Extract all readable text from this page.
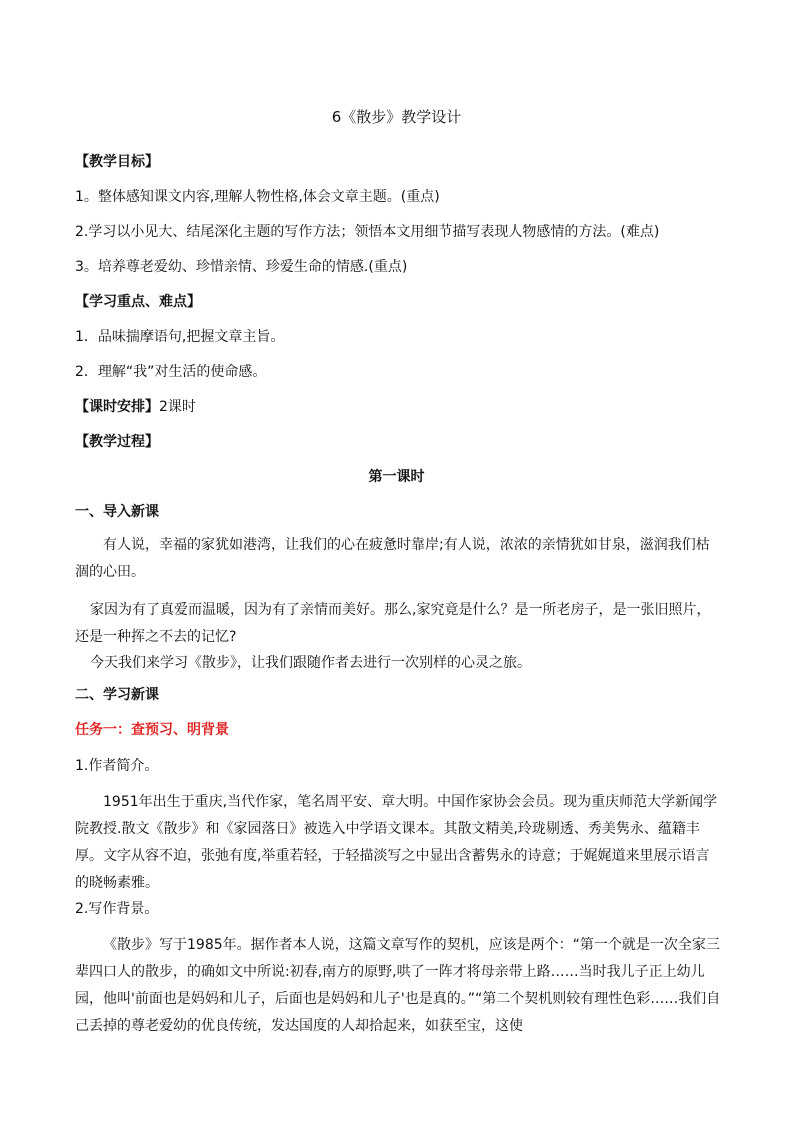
6《散步》教学设计
【教学目标】
1。整体感知课文内容,理解人物性格,体会文章主题。(重点)
2.学习以小见大、结尾深化主题的写作方法；领悟本文用细节描写表现人物感情的方法。(难点)
3。培养尊老爱幼、珍惜亲情、珍爱生命的情感.(重点)
【学习重点、难点】
1．品味揣摩语句,把握文章主旨。
2．理解“我”对生活的使命感。
【课时安排】2课时
【教学过程】
第一课时
一、导入新课
有人说，幸福的家犹如港湾，让我们的心在疲惫时靠岸;有人说，浓浓的亲情犹如甘泉，滋润我们枯涸的心田。
家因为有了真爱而温暖，因为有了亲情而美好。那么,家究竟是什么？是一所老房子，是一张旧照片，还是一种挥之不去的记忆?
今天我们来学习《散步》，让我们跟随作者去进行一次别样的心灵之旅。
二、学习新课
任务一：查预习、明背景
1.作者简介。
1951年出生于重庆,当代作家，笔名周平安、章大明。中国作家协会会员。现为重庆师范大学新闻学院教授.散文《散步》和《家园落日》被选入中学语文课本。其散文精美,玲珑剔透、秀美隽永、蕴籍丰厚。文字从容不迫，张弛有度,举重若轻，于轻描淡写之中显出含蓄隽永的诗意；于娓娓道来里展示语言的晓畅素雅。
2.写作背景。
《散步》写于1985年。据作者本人说，这篇文章写作的契机，应该是两个：“第一个就是一次全家三辈四口人的散步，的确如文中所说:初春,南方的原野,哄了一阵才将母亲带上路……当时我儿子正上幼儿园，他叫'前面也是妈妈和儿子，后面也是妈妈和儿子'也是真的。”“第二个契机则较有理性色彩……我们自己丢掉的尊老爱幼的优良传统，发达国度的人却拾起来，如获至宝，这使
